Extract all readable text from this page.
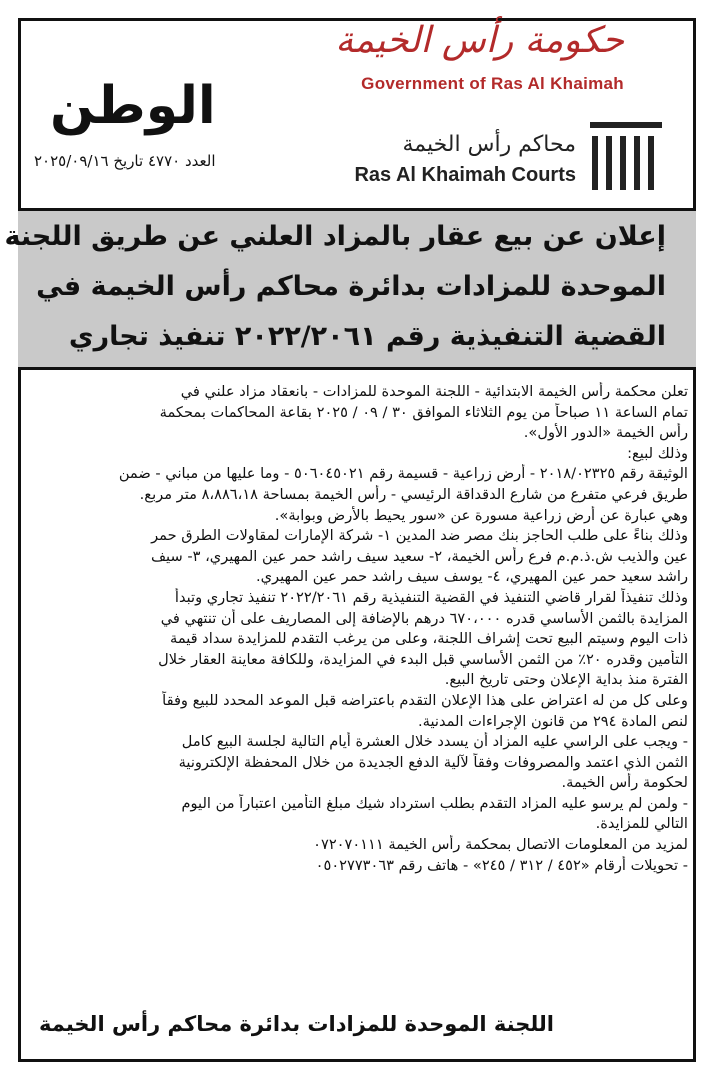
حكومة رأس الخيمة
Government of Ras Al Khaimah
محاكم رأس الخيمة
Ras Al Khaimah Courts
الوطن
العدد ٤٧٧٠ تاريخ ٢٠٢٥/٠٩/١٦
إعلان عن بيع عقار بالمزاد العلني عن طريق اللجنة
الموحدة للمزادات بدائرة محاكم رأس الخيمة في
القضية التنفيذية رقم ٢٠٢٢/٢٠٦١ تنفيذ تجاري
تعلن محكمة رأس الخيمة الابتدائية - اللجنة الموحدة للمزادات - بانعقاد مزاد علني في
تمام الساعة ١١ صباحاً من يوم الثلاثاء الموافق ٣٠ / ٠٩ / ٢٠٢٥ بقاعة المحاكمات بمحكمة
رأس الخيمة «الدور الأول».
وذلك لبيع:
الوثيقة رقم ٢٠١٨/٠٢٣٢٥ - أرض زراعية - قسيمة رقم ٥٠٦٠٤٥٠٢١ - وما عليها من مباني - ضمن
طريق فرعي متفرع من شارع الدقداقة الرئيسي - رأس الخيمة بمساحة ٨،٨٨٦،١٨ متر مربع.
وهي عبارة عن أرض زراعية مسورة عن «سور يحيط بالأرض وبوابة».
وذلك بناءً على طلب الحاجز بنك مصر ضد المدين ١- شركة الإمارات لمقاولات الطرق حمر
عين والذيب ش.ذ.م.م فرع رأس الخيمة، ٢- سعيد سيف راشد حمر عين المهيري، ٣- سيف
راشد سعيد حمر عين المهيري، ٤- يوسف سيف راشد حمر عين المهيري.
وذلك تنفيذاً لقرار قاضي التنفيذ في القضية التنفيذية رقم ٢٠٢٢/٢٠٦١ تنفيذ تجاري وتبدأ
المزايدة بالثمن الأساسي قدره ٦٧٠،٠٠٠ درهم بالإضافة إلى المصاريف على أن تنتهي في
ذات اليوم وسيتم البيع تحت إشراف اللجنة، وعلى من يرغب التقدم للمزايدة سداد قيمة
التأمين وقدره ٢٠٪ من الثمن الأساسي قبل البدء في المزايدة، وللكافة معاينة العقار خلال
الفترة منذ بداية الإعلان وحتى تاريخ البيع.
وعلى كل من له اعتراض على هذا الإعلان التقدم باعتراضه قبل الموعد المحدد للبيع وفقاً
لنص المادة ٢٩٤ من قانون الإجراءات المدنية.
- ويجب على الراسي عليه المزاد أن يسدد خلال العشرة أيام التالية لجلسة البيع كامل
الثمن الذي اعتمد والمصروفات وفقاً لآلية الدفع الجديدة من خلال المحفظة الإلكترونية
لحكومة رأس الخيمة.
- ولمن لم يرسو عليه المزاد التقدم بطلب استرداد شيك مبلغ التأمين اعتباراً من اليوم
التالي للمزايدة.
لمزيد من المعلومات الاتصال بمحكمة رأس الخيمة ٠٧٢٠٧٠١١١
- تحويلات أرقام «٤٥٢ / ٣١٢ / ٢٤٥» - هاتف رقم ٠٥٠٢٧٧٣٠٦٣
اللجنة الموحدة للمزادات بدائرة محاكم رأس الخيمة
